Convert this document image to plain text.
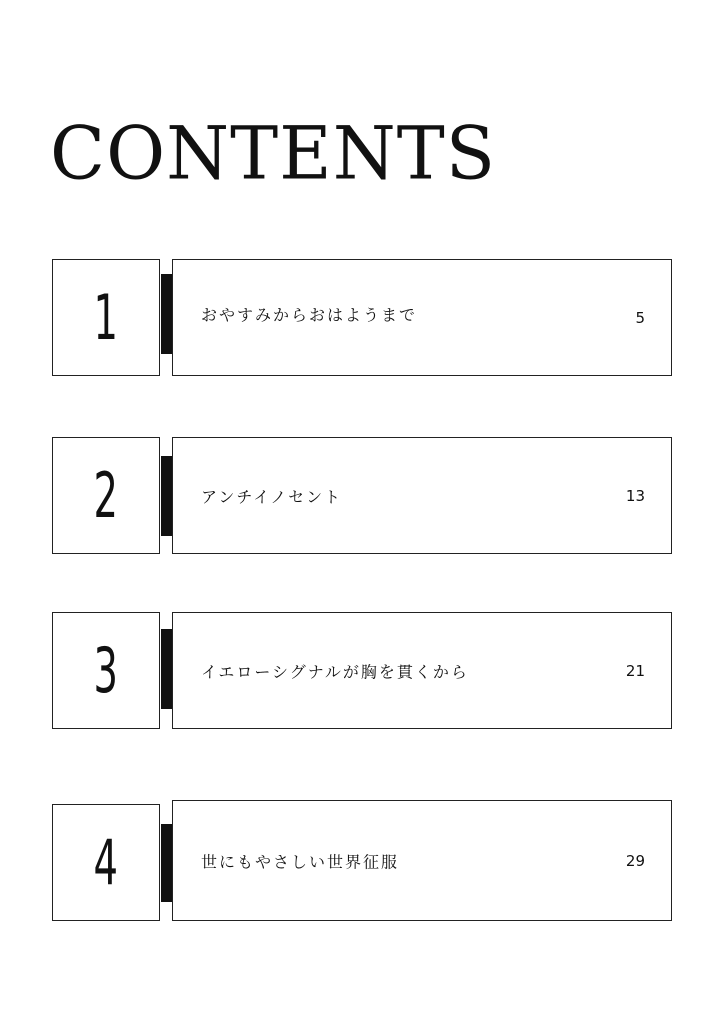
CONTENTS
1	おやすみからおはようまで	5
2	アンチイノセント	13
3	イエローシグナルが胸を貫くから	21
4	世にもやさしい世界征服	29
